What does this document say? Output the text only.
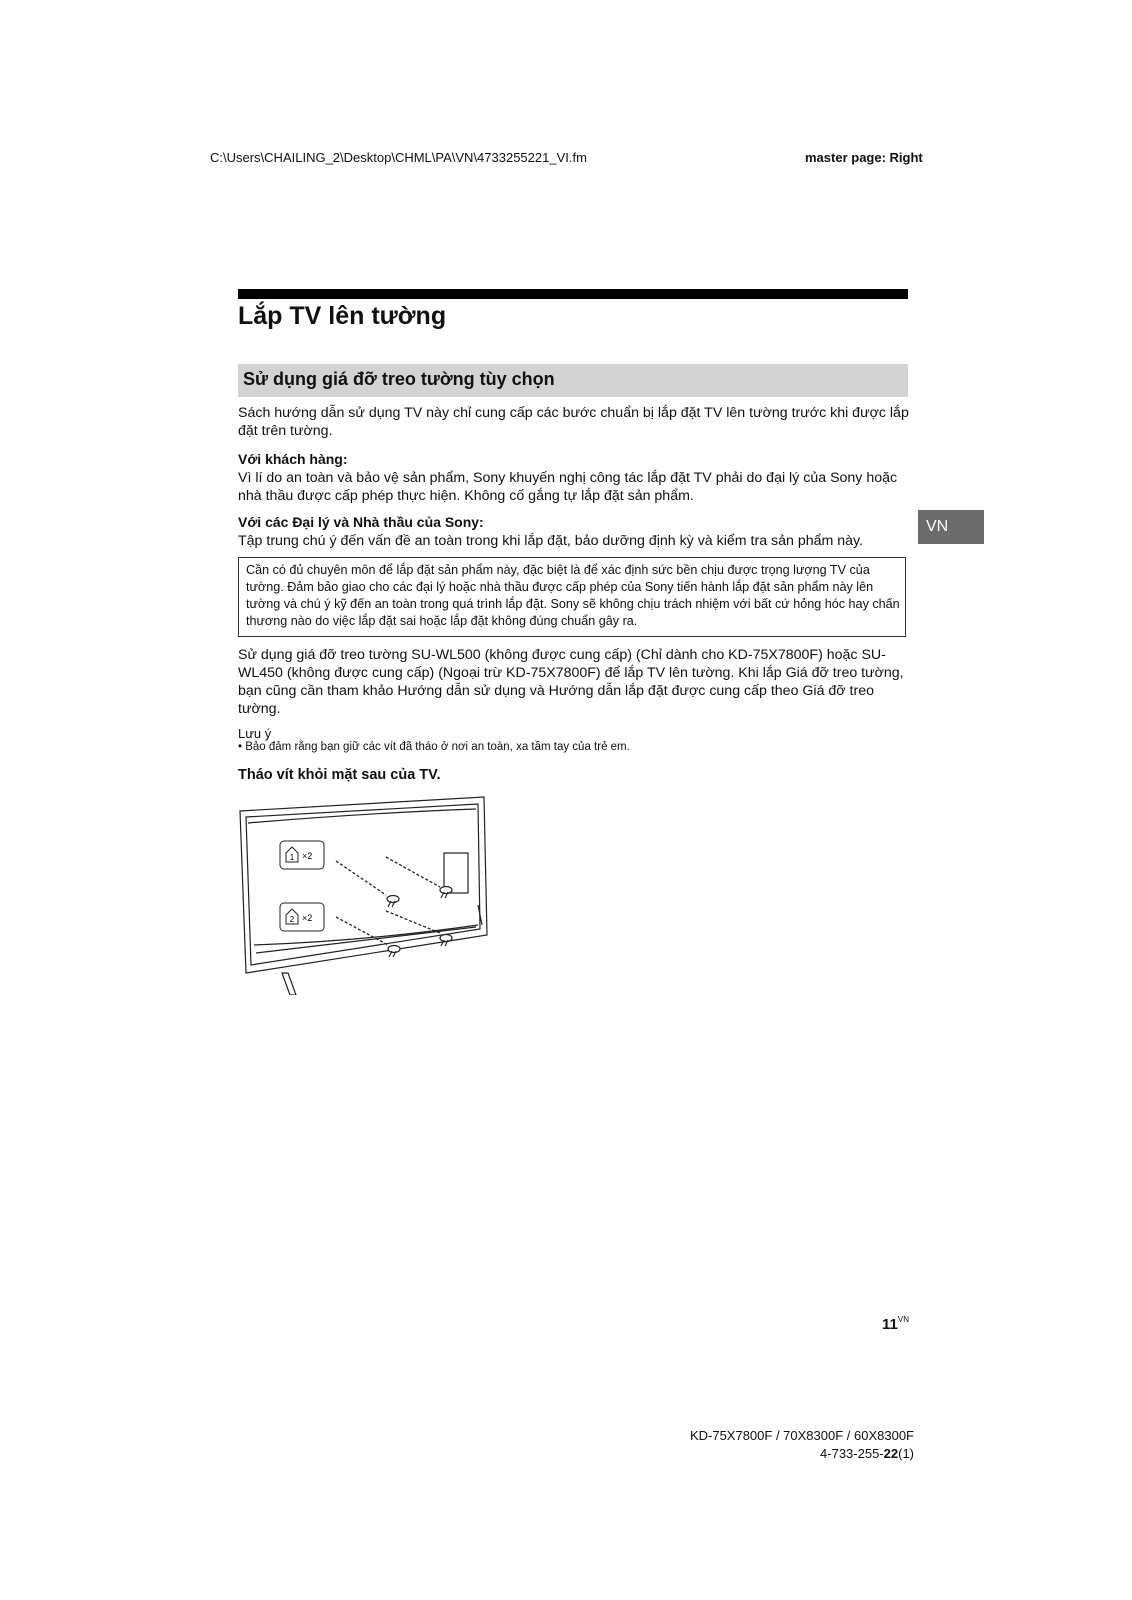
C:\Users\CHAILING_2\Desktop\CHML\PA\VN\4733255221_VI.fm	master page: Right
Lắp TV lên tường
Sử dụng giá đỡ treo tường tùy chọn
Sách hướng dẫn sử dụng TV này chỉ cung cấp các bước chuẩn bị lắp đặt TV lên tường trước khi được lắp đặt trên tường.
Với khách hàng:
Vì lí do an toàn và bảo vệ sản phẩm, Sony khuyến nghị công tác lắp đặt TV phải do đại lý của Sony hoặc nhà thầu được cấp phép thực hiện. Không cố gắng tự lắp đặt sản phẩm.
Với các Đại lý và Nhà thầu của Sony:
Tập trung chú ý đến vấn đề an toàn trong khi lắp đặt, bảo dưỡng định kỳ và kiểm tra sản phẩm này.
Cần có đủ chuyên môn để lắp đặt sản phẩm này, đặc biệt là để xác định sức bền chịu được trọng lượng TV của tường. Đảm bảo giao cho các đại lý hoặc nhà thầu được cấp phép của Sony tiến hành lắp đặt sản phẩm này lên tường và chú ý kỹ đến an toàn trong quá trình lắp đặt. Sony sẽ không chịu trách nhiệm với bất cứ hỏng hóc hay chấn thương nào do việc lắp đặt sai hoặc lắp đặt không đúng chuẩn gây ra.
Sử dụng giá đỡ treo tường SU-WL500 (không được cung cấp) (Chỉ dành cho KD-75X7800F) hoặc SU-WL450 (không được cung cấp) (Ngoại trừ KD-75X7800F) để lắp TV lên tường. Khi lắp Giá đỡ treo tường, bạn cũng cần tham khảo Hướng dẫn sử dụng và Hướng dẫn lắp đặt được cung cấp theo Giá đỡ treo tường.
Lưu ý
• Bảo đảm rằng bạn giữ các vít đã tháo ở nơi an toàn, xa tầm tay của trẻ em.
Tháo vít khỏi mặt sau của TV.
VN
1 ×2
2 ×2
$11^{VN}$
KD-75X7800F / 70X8300F / 60X8300F
4-733-255-22(1)
